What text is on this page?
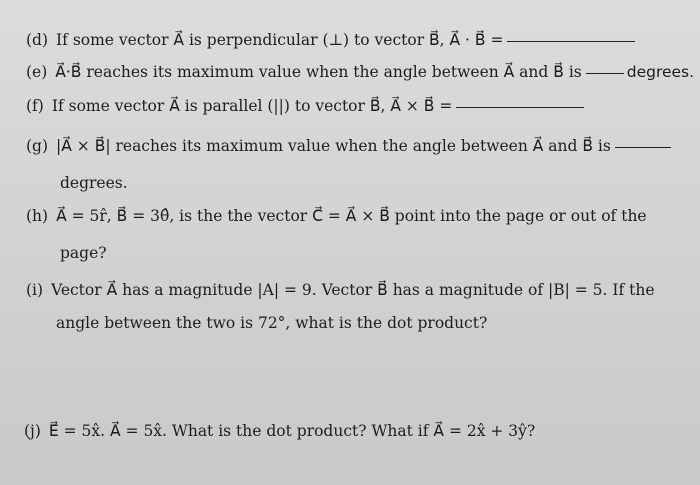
(d) If some vector A⃗ is perpendicular (⊥) to vector B⃗, A⃗ · B⃗ =
(e) A⃗·B⃗ reaches its maximum value when the angle between A⃗ and B⃗ is	degrees.
(f) If some vector A⃗ is parallel (||) to vector B⃗, A⃗ × B⃗ =
(g) |A⃗ × B⃗| reaches its maximum value when the angle between A⃗ and B⃗ is
degrees.
(h) A⃗ = 5r̂, B⃗ = 3θ̂, is the the vector C⃗ = A⃗ × B⃗ point into the page or out of the
page?
(i) Vector A⃗ has a magnitude |A| = 9. Vector B⃗ has a magnitude of |B| = 5. If the
angle between the two is 72°, what is the dot product?
(j) E⃗ = 5x̂. A⃗ = 5x̂. What is the dot product? What if A⃗ = 2x̂ + 3ŷ?
